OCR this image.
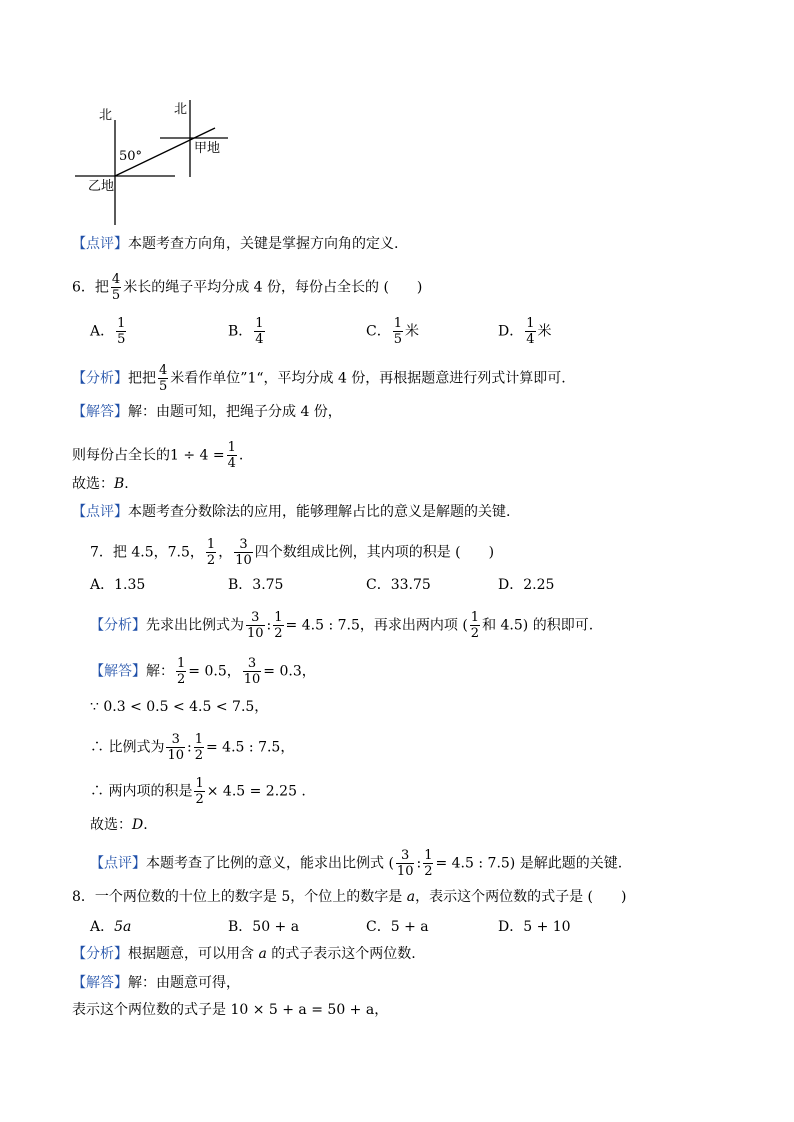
北	北
50°
甲地
乙地
【点评】本题考查方向角，关键是掌握方向角的定义.
6．把 $\frac{4}{5}$ 米长的绳子平均分成 4 份，每份占全长的 (　　)
A． $\frac{1}{5}$	B． $\frac{1}{4}$	C． $\frac{1}{5}$ 米	D． $\frac{1}{4}$ 米
【分析】把把 $\frac{4}{5}$ 米看作单位”1“，平均分成 4 份，再根据题意进行列式计算即可.
【解答】解：由题可知，把绳子分成 4 份，
则每份占全长的$1 \div 4 = \frac{1}{4}$ .
故选：B.
【点评】本题考查分数除法的应用，能够理解占比的意义是解题的关键.
7．把 4.5，7.5， $\frac{1}{2}$ ， $\frac{3}{10}$ 四个数组成比例，其内项的积是 (　　)
A．1.35	B．3.75	C．33.75	D．2.25
【分析】先求出比例式为 $\frac{3}{10}$ : $\frac{1}{2} = 4.5$ : 7.5，再求出两内项 ( $\frac{1}{2}$ 和 4.5) 的积即可.
【解答】解： $\frac{1}{2} = 0.5$， $\frac{3}{10} = 0.3$，
∵ 0.3 < 0.5 < 4.5 < 7.5，
∴ 比例式为 $\frac{3}{10}$ : $\frac{1}{2} = 4.5$ : 7.5，
∴ 两内项的积是 $\frac{1}{2} \times 4.5 = 2.25$ .
故选：D.
【点评】本题考查了比例的意义，能求出比例式 ( $\frac{3}{10}$ : $\frac{1}{2} = 4.5$ : 7.5) 是解此题的关键.
8．一个两位数的十位上的数字是 5，个位上的数字是 a，表示这个两位数的式子是 (　　)
A．5a	B．50 + a	C．5 + a	D．5 + 10
【分析】根据题意，可以用含 a 的式子表示这个两位数.
【解答】解：由题意可得，
表示这个两位数的式子是 10 × 5 + a = 50 + a，
